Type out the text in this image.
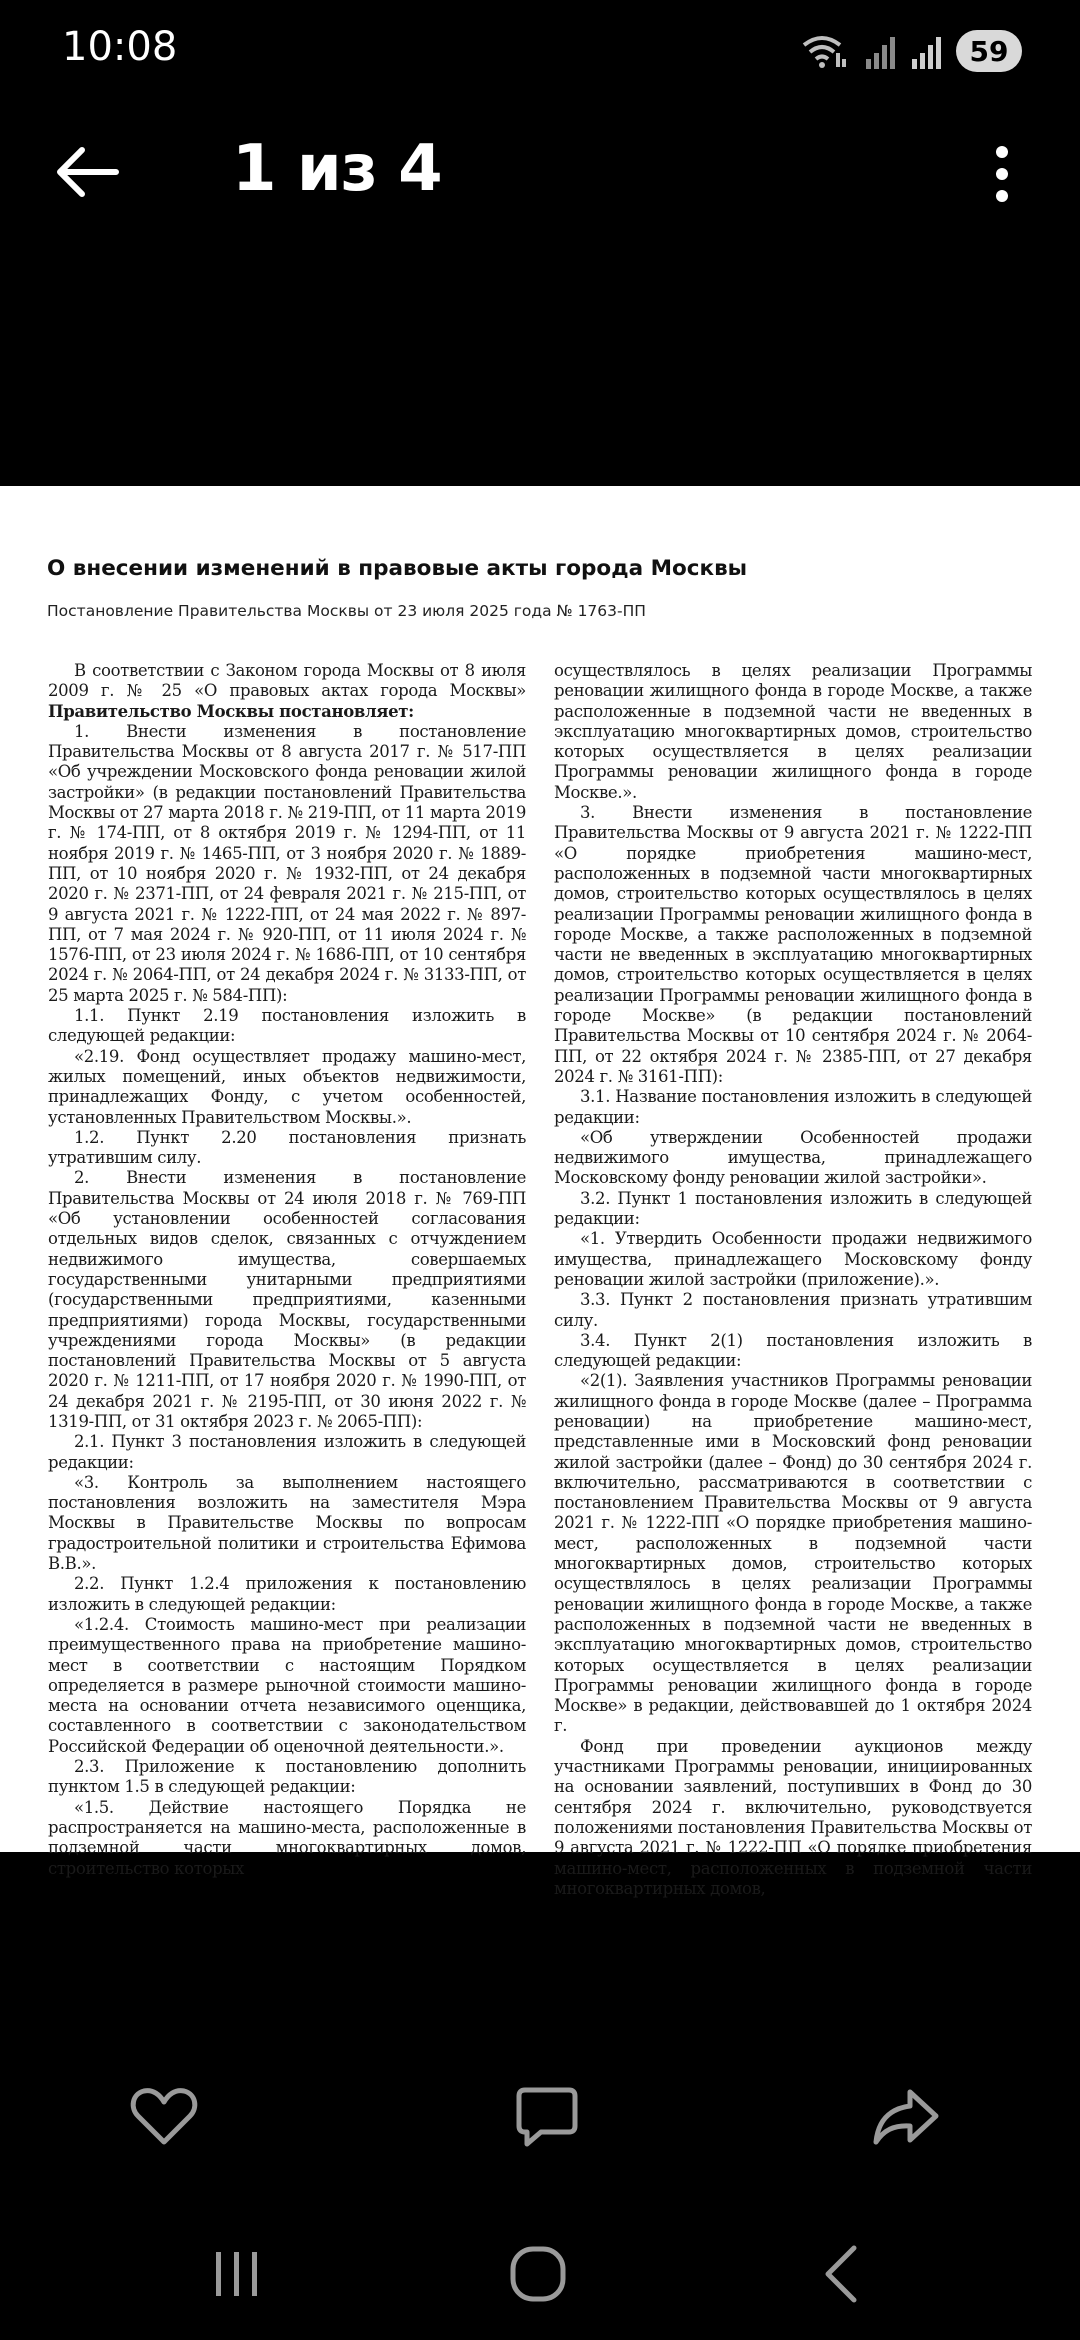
10:08	59
1 из 4
О внесении изменений в правовые акты города Москвы
Постановление Правительства Москвы от 23 июля 2025 года № 1763-ПП

В соответствии с Законом города Москвы от 8 июля 2009 г. № 25 «О правовых актах города Москвы» Правительство Москвы постановляет:

1. Внести изменения в постановление Правительства Москвы от 8 августа 2017 г. № 517-ПП «Об учреждении Московского фонда реновации жилой застройки» (в редакции постановлений Правительства Москвы от 27 марта 2018 г. № 219-ПП, от 11 марта 2019 г. № 174-ПП, от 8 октября 2019 г. № 1294-ПП, от 11 ноября 2019 г. № 1465-ПП, от 3 ноября 2020 г. № 1889-ПП, от 10 ноября 2020 г. № 1932-ПП, от 24 декабря 2020 г. № 2371-ПП, от 24 февраля 2021 г. № 215-ПП, от 9 августа 2021 г. № 1222-ПП, от 24 мая 2022 г. № 897-ПП, от 7 мая 2024 г. № 920-ПП, от 11 июля 2024 г. № 1576-ПП, от 23 июля 2024 г. № 1686-ПП, от 10 сентября 2024 г. № 2064-ПП, от 24 декабря 2024 г. № 3133-ПП, от 25 марта 2025 г. № 584-ПП):

1.1. Пункт 2.19 постановления изложить в следующей редакции:

«2.19. Фонд осуществляет продажу машино-мест, жилых помещений, иных объектов недвижимости, принадлежащих Фонду, с учетом особенностей, установленных Правительством Москвы.».

1.2. Пункт 2.20 постановления признать утратившим силу.

2. Внести изменения в постановление Правительства Москвы от 24 июля 2018 г. № 769-ПП «Об установлении особенностей согласования отдельных видов сделок, связанных с отчуждением недвижимого имущества, совершаемых государственными унитарными предприятиями (государственными предприятиями, казенными предприятиями) города Москвы, государственными учреждениями города Москвы» (в редакции постановлений Правительства Москвы от 5 августа 2020 г. № 1211-ПП, от 17 ноября 2020 г. № 1990-ПП, от 24 декабря 2021 г. № 2195-ПП, от 30 июня 2022 г. № 1319-ПП, от 31 октября 2023 г. № 2065-ПП):

2.1. Пункт 3 постановления изложить в следующей редакции:

«3. Контроль за выполнением настоящего постановления возложить на заместителя Мэра Москвы в Правительстве Москвы по вопросам градостроительной политики и строительства Ефимова В.В.».

2.2. Пункт 1.2.4 приложения к постановлению изложить в следующей редакции:

«1.2.4. Стоимость машино-мест при реализации преимущественного права на приобретение машино-мест в соответствии с настоящим Порядком определяется в размере рыночной стоимости машино-места на основании отчета независимого оценщика, составленного в соответствии с законодательством Российской Федерации об оценочной деятельности.».

2.3. Приложение к постановлению дополнить пунктом 1.5 в следующей редакции:

«1.5. Действие настоящего Порядка не распространяется на машино-места, расположенные в подземной части многоквартирных домов, строительство которых

осуществлялось в целях реализации Программы реновации жилищного фонда в городе Москве, а также расположенные в подземной части не введенных в эксплуатацию многоквартирных домов, строительство которых осуществляется в целях реализации Программы реновации жилищного фонда в городе Москве.».

3. Внести изменения в постановление Правительства Москвы от 9 августа 2021 г. № 1222-ПП «О порядке приобретения машино-мест, расположенных в подземной части многоквартирных домов, строительство которых осуществлялось в целях реализации Программы реновации жилищного фонда в городе Москве, а также расположенных в подземной части не введенных в эксплуатацию многоквартирных домов, строительство которых осуществляется в целях реализации Программы реновации жилищного фонда в городе Москве» (в редакции постановлений Правительства Москвы от 10 сентября 2024 г. № 2064-ПП, от 22 октября 2024 г. № 2385-ПП, от 27 декабря 2024 г. № 3161-ПП):

3.1. Название постановления изложить в следующей редакции:

«Об утверждении Особенностей продажи недвижимого имущества, принадлежащего Московскому фонду реновации жилой застройки».

3.2. Пункт 1 постановления изложить в следующей редакции:

«1. Утвердить Особенности продажи недвижимого имущества, принадлежащего Московскому фонду реновации жилой застройки (приложение).».

3.3. Пункт 2 постановления признать утратившим силу.

3.4. Пункт 2(1) постановления изложить в следующей редакции:

«2(1). Заявления участников Программы реновации жилищного фонда в городе Москве (далее – Программа реновации) на приобретение машино-мест, представленные ими в Московский фонд реновации жилой застройки (далее – Фонд) до 30 сентября 2024 г. включительно, рассматриваются в соответствии с постановлением Правительства Москвы от 9 августа 2021 г. № 1222-ПП «О порядке приобретения машино-мест, расположенных в подземной части многоквартирных домов, строительство которых осуществлялось в целях реализации Программы реновации жилищного фонда в городе Москве, а также расположенных в подземной части не введенных в эксплуатацию многоквартирных домов, строительство которых осуществляется в целях реализации Программы реновации жилищного фонда в городе Москве» в редакции, действовавшей до 1 октября 2024 г.

Фонд при проведении аукционов между участниками Программы реновации, инициированных на основании заявлений, поступивших в Фонд до 30 сентября 2024 г. включительно, руководствуется положениями постановления Правительства Москвы от 9 августа 2021 г. № 1222-ПП «О порядке приобретения машино-мест, расположенных в подземной части многоквартирных домов,
